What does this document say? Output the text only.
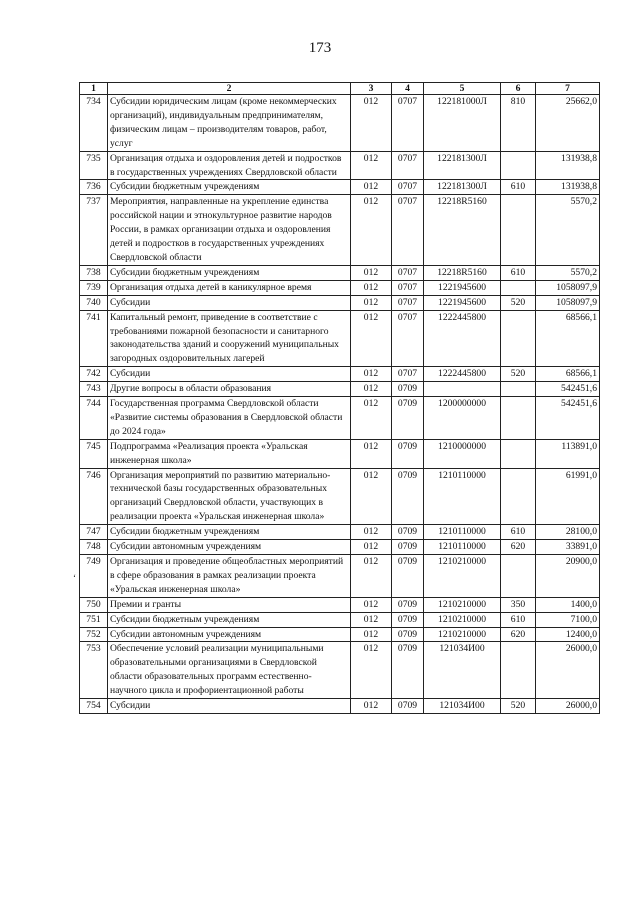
173
1	2	3	4	5	6	7
734	Субсидии юридическим лицам (кроме некоммерческих организаций), индивидуальным предпринимателям, физическим лицам – производителям товаров, работ, услуг	012	0707	122181000Л	810	25662,0
735	Организация отдыха и оздоровления детей и подростков в государственных учреждениях Свердловской области	012	0707	122181300Л		131938,8
736	Субсидии бюджетным учреждениям	012	0707	122181300Л	610	131938,8
737	Мероприятия, направленные на укрепление единства российской нации и этнокультурное развитие народов России, в рамках организации отдыха и оздоровления детей и подростков в государственных учреждениях Свердловской области	012	0707	12218R5160		5570,2
738	Субсидии бюджетным учреждениям	012	0707	12218R5160	610	5570,2
739	Организация отдыха детей в каникулярное время	012	0707	1221945600		1058097,9
740	Субсидии	012	0707	1221945600	520	1058097,9
741	Капитальный ремонт, приведение в соответствие с требованиями пожарной безопасности и санитарного законодательства зданий и сооружений муниципальных загородных оздоровительных лагерей	012	0707	1222445800		68566,1
742	Субсидии	012	0707	1222445800	520	68566,1
743	Другие вопросы в области образования	012	0709			542451,6
744	Государственная программа Свердловской области «Развитие системы образования в Свердловской области до 2024 года»	012	0709	1200000000		542451,6
745	Подпрограмма «Реализация проекта «Уральская инженерная школа»	012	0709	1210000000		113891,0
746	Организация мероприятий по развитию материально-технической базы государственных образовательных организаций Свердловской области, участвующих в реализации проекта «Уральская инженерная школа»	012	0709	1210110000		61991,0
747	Субсидии бюджетным учреждениям	012	0709	1210110000	610	28100,0
748	Субсидии автономным учреждениям	012	0709	1210110000	620	33891,0
749	Организация и проведение общеобластных мероприятий в сфере образования в рамках реализации проекта «Уральская инженерная школа»	012	0709	1210210000		20900,0
750	Премии и гранты	012	0709	1210210000	350	1400,0
751	Субсидии бюджетным учреждениям	012	0709	1210210000	610	7100,0
752	Субсидии автономным учреждениям	012	0709	1210210000	620	12400,0
753	Обеспечение условий реализации муниципальными образовательными организациями в Свердловской области образовательных программ естественно-научного цикла и профориентационной работы	012	0709	121034И00		26000,0
754	Субсидии	012	0709	121034И00	520	26000,0
ʻ
